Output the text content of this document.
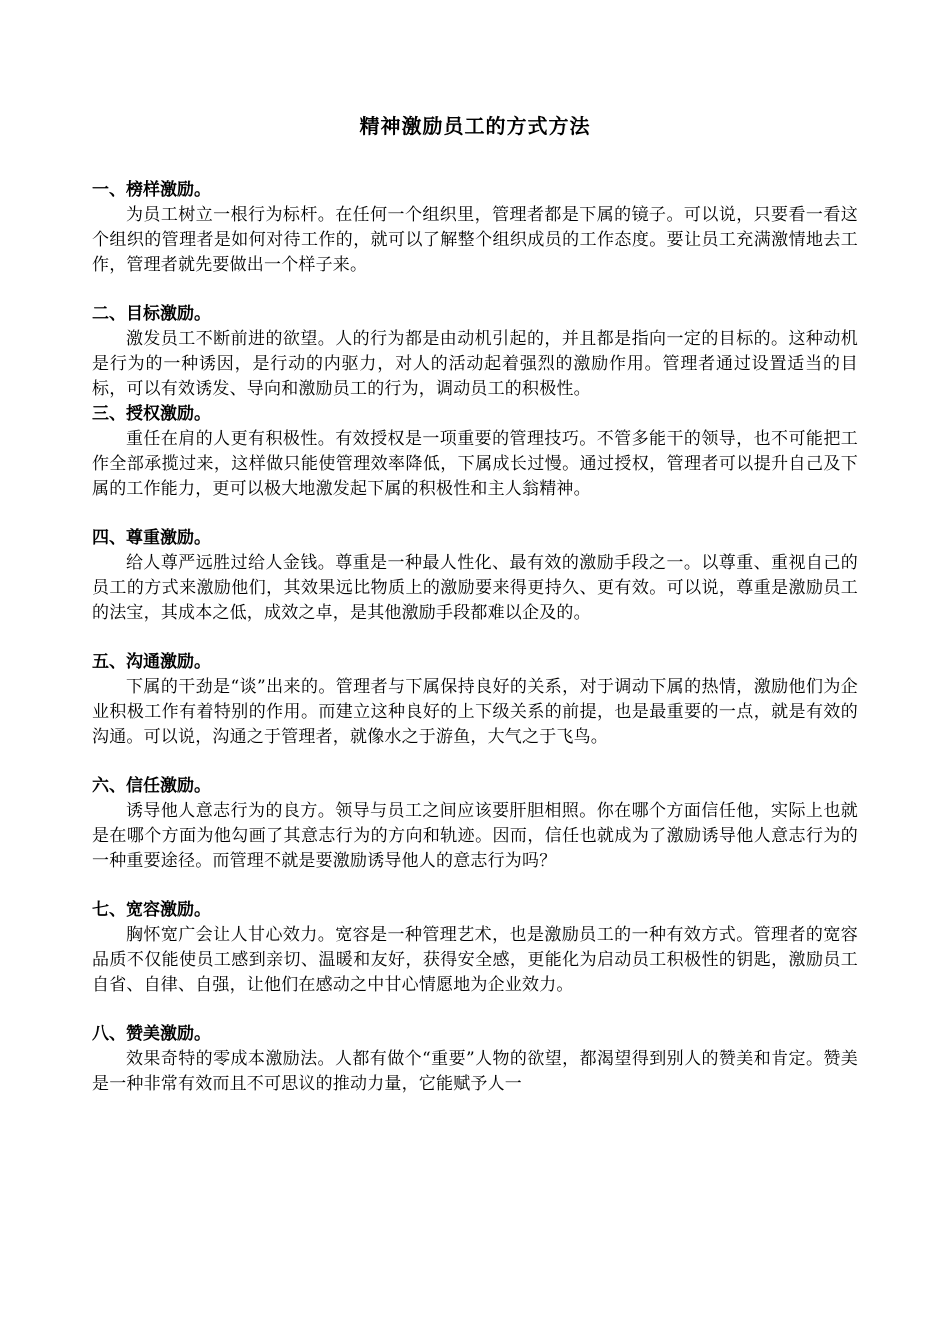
精神激励员工的方式方法

一、榜样激励。

为员工树立一根行为标杆。在任何一个组织里，管理者都是下属的镜子。可以说，只要看一看这个组织的管理者是如何对待工作的，就可以了解整个组织成员的工作态度。要让员工充满激情地去工作，管理者就先要做出一个样子来。

二、目标激励。

激发员工不断前进的欲望。人的行为都是由动机引起的，并且都是指向一定的目标的。这种动机是行为的一种诱因，是行动的内驱力，对人的活动起着强烈的激励作用。管理者通过设置适当的目标，可以有效诱发、导向和激励员工的行为，调动员工的积极性。

三、授权激励。

重任在肩的人更有积极性。有效授权是一项重要的管理技巧。不管多能干的领导，也不可能把工作全部承揽过来，这样做只能使管理效率降低，下属成长过慢。通过授权，管理者可以提升自己及下属的工作能力，更可以极大地激发起下属的积极性和主人翁精神。

四、尊重激励。

给人尊严远胜过给人金钱。尊重是一种最人性化、最有效的激励手段之一。以尊重、重视自己的员工的方式来激励他们，其效果远比物质上的激励要来得更持久、更有效。可以说，尊重是激励员工的法宝，其成本之低，成效之卓，是其他激励手段都难以企及的。

五、沟通激励。

下属的干劲是“谈”出来的。管理者与下属保持良好的关系，对于调动下属的热情，激励他们为企业积极工作有着特别的作用。而建立这种良好的上下级关系的前提，也是最重要的一点，就是有效的沟通。可以说，沟通之于管理者，就像水之于游鱼，大气之于飞鸟。

六、信任激励。

诱导他人意志行为的良方。领导与员工之间应该要肝胆相照。你在哪个方面信任他，实际上也就是在哪个方面为他勾画了其意志行为的方向和轨迹。因而，信任也就成为了激励诱导他人意志行为的一种重要途径。而管理不就是要激励诱导他人的意志行为吗？

七、宽容激励。

胸怀宽广会让人甘心效力。宽容是一种管理艺术，也是激励员工的一种有效方式。管理者的宽容品质不仅能使员工感到亲切、温暖和友好，获得安全感，更能化为启动员工积极性的钥匙，激励员工自省、自律、自强，让他们在感动之中甘心情愿地为企业效力。

八、赞美激励。

效果奇特的零成本激励法。人都有做个“重要”人物的欲望，都渴望得到别人的赞美和肯定。赞美是一种非常有效而且不可思议的推动力量，它能赋予人一
